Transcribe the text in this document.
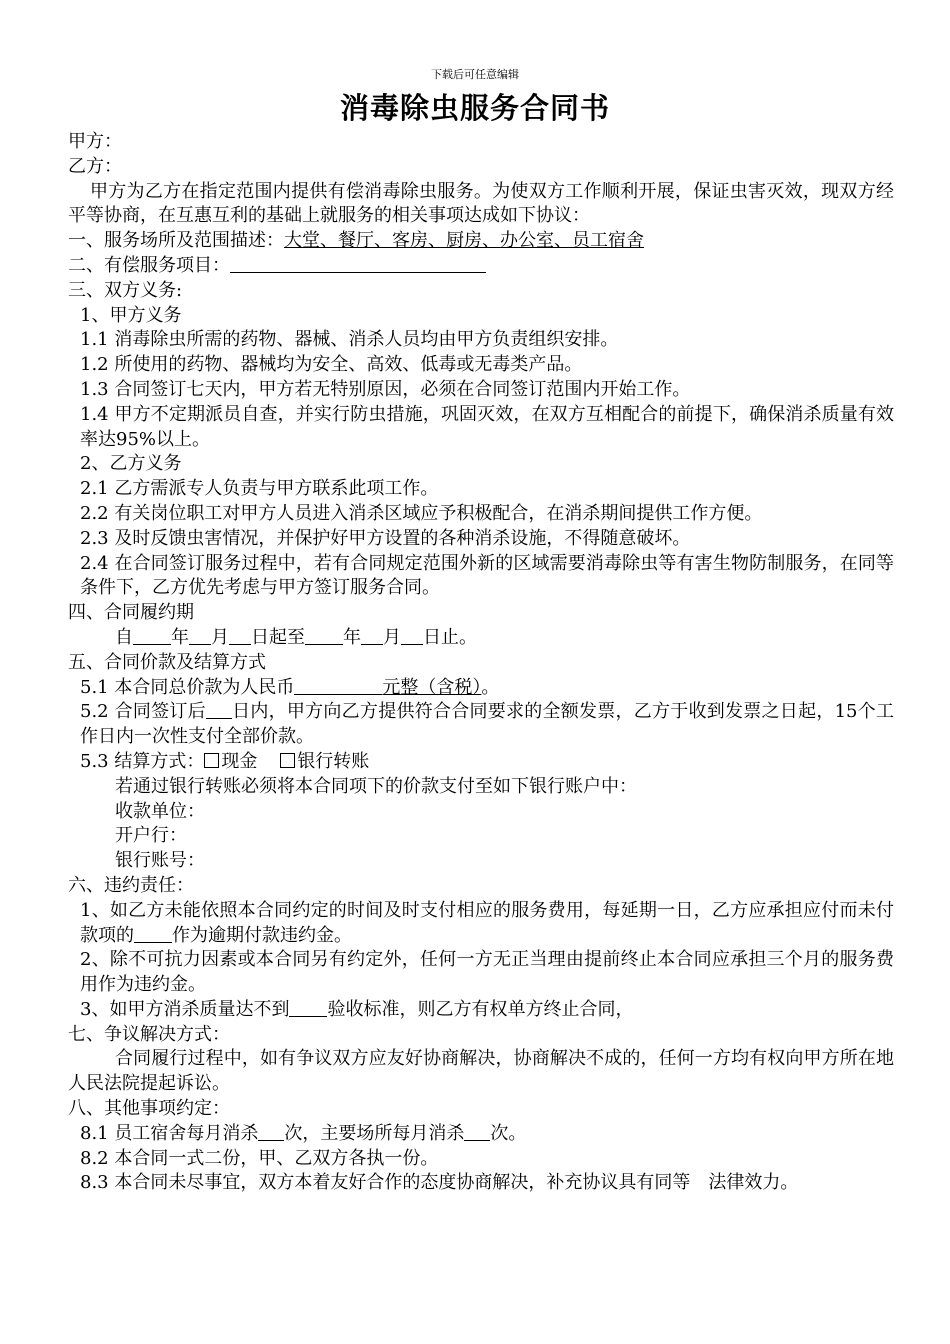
下载后可任意编辑
消毒除虫服务合同书

甲方：

乙方：

甲方为乙方在指定范围内提供有偿消毒除虫服务。为使双方工作顺利开展，保证虫害灭效，现双方经平等协商，在互惠互利的基础上就服务的相关事项达成如下协议：

一、服务场所及范围描述：大堂、餐厅、客房、厨房、办公室、员工宿舍

二、有偿服务项目：

三、双方义务:

1、甲方义务

1.1 消毒除虫所需的药物、器械、消杀人员均由甲方负责组织安排。

1.2 所使用的药物、器械均为安全、高效、低毒或无毒类产品。

1.3 合同签订七天内，甲方若无特别原因，必须在合同签订范围内开始工作。

1.4 甲方不定期派员自查，并实行防虫措施，巩固灭效，在双方互相配合的前提下，确保消杀质量有效率达95%以上。

2、乙方义务

2.1 乙方需派专人负责与甲方联系此项工作。

2.2 有关岗位职工对甲方人员进入消杀区域应予积极配合，在消杀期间提供工作方便。

2.3 及时反馈虫害情况，并保护好甲方设置的各种消杀设施，不得随意破坏。

2.4 在合同签订服务过程中，若有合同规定范围外新的区域需要消毒除虫等有害生物防制服务，在同等条件下，乙方优先考虑与甲方签订服务合同。

四、合同履约期

自 年 月 日起至 年 月 日止。

五、合同价款及结算方式

5.1 本合同总价款为人民币	元整（含税）。

5.2 合同签订后 日内，甲方向乙方提供符合合同要求的全额发票，乙方于收到发票之日起，15个工作日内一次性支付全部价款。

5.3 结算方式： 现金 银行转账

若通过银行转账必须将本合同项下的价款支付至如下银行账户中：

收款单位：

开户行：

银行账号：

六、违约责任：

1、如乙方未能依照本合同约定的时间及时支付相应的服务费用，每延期一日，乙方应承担应付而未付款项的 作为逾期付款违约金。

2、除不可抗力因素或本合同另有约定外，任何一方无正当理由提前终止本合同应承担三个月的服务费用作为违约金。

3、如甲方消杀质量达不到 验收标准，则乙方有权单方终止合同，

七、争议解决方式：

合同履行过程中，如有争议双方应友好协商解决，协商解决不成的，任何一方均有权向甲方所在地人民法院提起诉讼。

八、其他事项约定：

8.1 员工宿舍每月消杀 次，主要场所每月消杀 次。

8.2 本合同一式二份，甲、乙双方各执一份。

8.3 本合同未尽事宜，双方本着友好合作的态度协商解决，补充协议具有同等　法律效力。
